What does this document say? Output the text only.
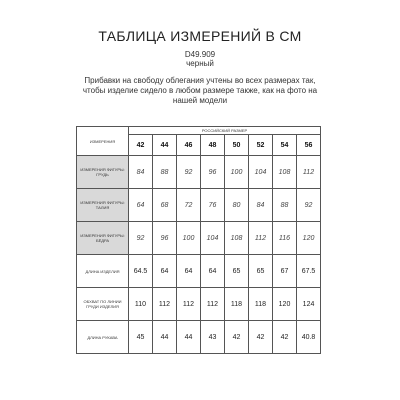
ТАБЛИЦА ИЗМЕРЕНИЙ В СМ
D49.909
черный
Прибавки на свободу облегания учтены во всех размерах так, чтобы изделие сидело в любом размере также, как на фото на нашей модели
ИЗМЕРЕНИЯ	РОССИЙСКИЙ РАЗМЕР							
	42	44	46	48	50	52	54	56
ИЗМЕРЕНИЯ ФИГУРЫ: ГРУДЬ	84	88	92	96	100	104	108	112
ИЗМЕРЕНИЯ ФИГУРЫ: ТАЛИЯ	64	68	72	76	80	84	88	92
ИЗМЕРЕНИЯ ФИГУРЫ: БЁДРА	92	96	100	104	108	112	116	120
ДЛИНА ИЗДЕЛИЯ	64.5	64	64	64	65	65	67	67.5
ОБХВАТ ПО ЛИНИИ ГРУДИ ИЗДЕЛИЯ	110	112	112	112	118	118	120	124
ДЛИНА РУКАВА	45	44	44	43	42	42	42	40.8
